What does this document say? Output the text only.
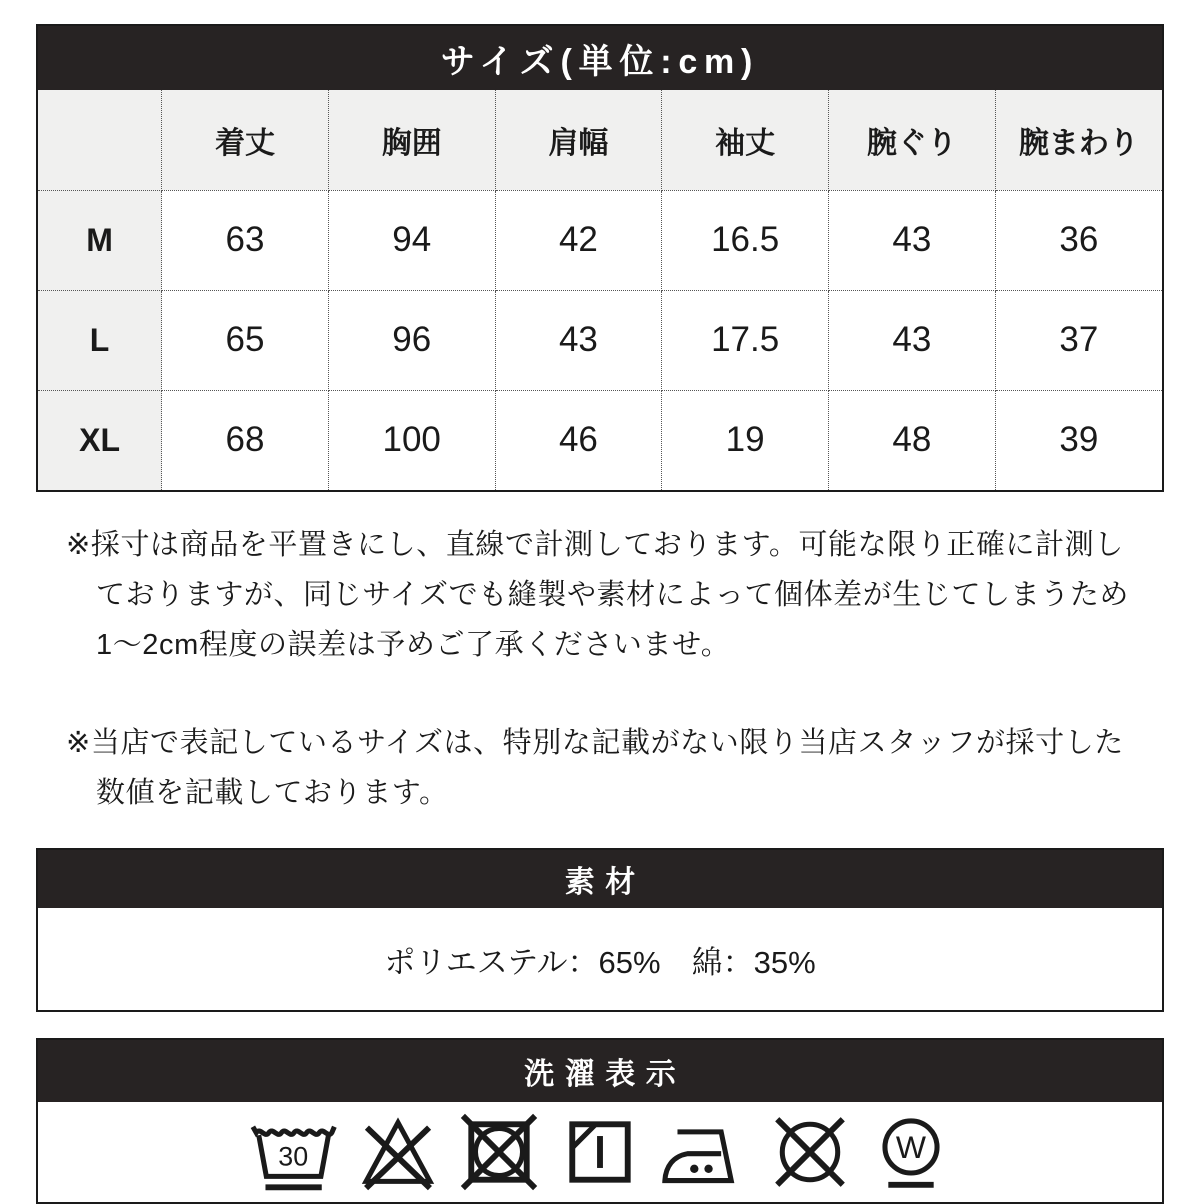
サイズ(単位:cm)
	着丈	胸囲	肩幅	袖丈	腕ぐり	腕まわり
M	63	94	42	16.5	43	36
L	65	96	43	17.5	43	37
XL	68	100	46	19	48	39

※採寸は商品を平置きにし、直線で計測しております。可能な限り正確に計測しておりますが、同じサイズでも縫製や素材によって個体差が生じてしまうため1〜2cm程度の誤差は予めご了承くださいませ。

※当店で表記しているサイズは、特別な記載がない限り当店スタッフが採寸した数値を記載しております。

素材
ポリエステル：65%　綿：35%
洗濯表示
30	W
